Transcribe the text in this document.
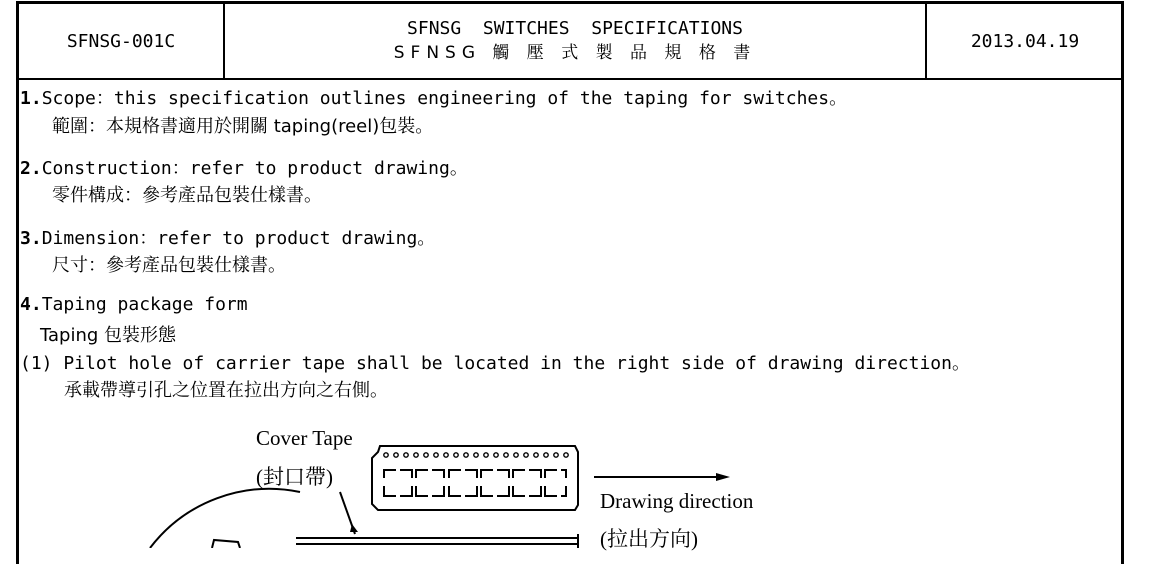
SFNSG-001C
SFNSG  SWITCHES  SPECIFICATIONS
SFNSG 觸 壓 式 製 品 規 格 書
2013.04.19
1.Scope：this specification outlines engineering of the taping for switches。
範圍：本規格書適用於開關 taping(reel)包裝。
2.Construction：refer to product drawing。
零件構成：參考產品包裝仕樣書。
3.Dimension：refer to product drawing。
尺寸：參考產品包裝仕樣書。
4.Taping package form
Taping 包裝形態
(1) Pilot hole of carrier tape shall be located in the right side of drawing direction。
承載帶導引孔之位置在拉出方向之右側。
Cover Tape
(封口帶)
Drawing direction
(拉出方向)
